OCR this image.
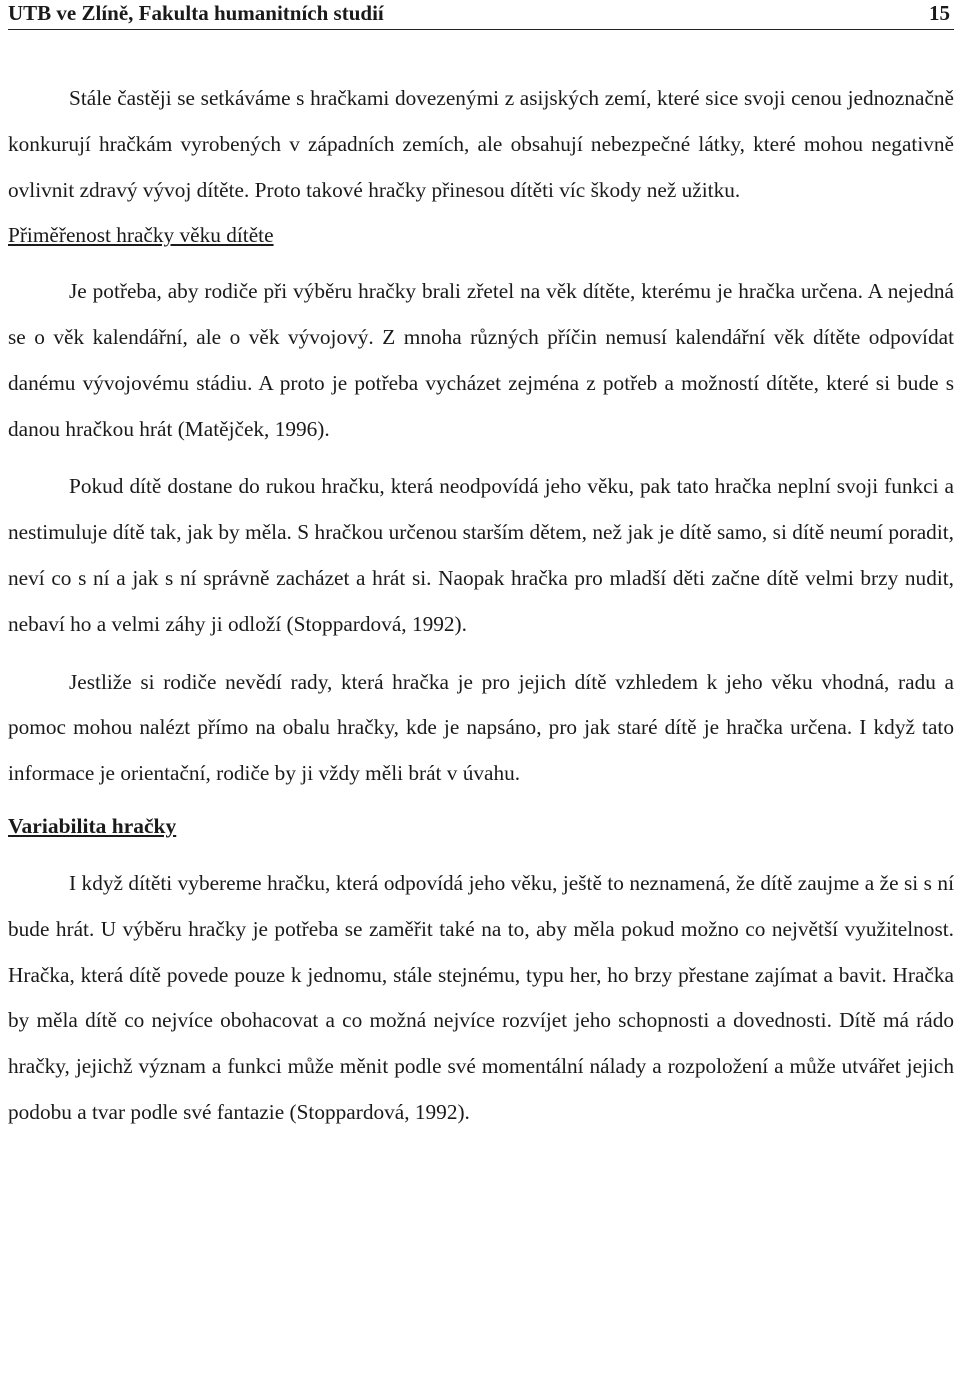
UTB ve Zlíně, Fakulta humanitních studií	15

Stále častěji se setkáváme s hračkami dovezenými z asijských zemí, které sice svoji cenou jednoznačně konkurují hračkám vyrobených v západních zemích, ale obsahují nebezpečné látky, které mohou negativně ovlivnit zdravý vývoj dítěte. Proto takové hračky přinesou dítěti víc škody než užitku.

Přiměřenost hračky věku dítěte

Je potřeba, aby rodiče při výběru hračky brali zřetel na věk dítěte, kterému je hračka určena. A nejedná se o věk kalendářní, ale o věk vývojový. Z mnoha různých příčin nemusí kalendářní věk dítěte odpovídat danému vývojovému stádiu. A proto je potřeba vycházet zejména z potřeb a možností dítěte, které si bude s danou hračkou hrát (Matějček, 1996).

Pokud dítě dostane do rukou hračku, která neodpovídá jeho věku, pak tato hračka neplní svoji funkci a nestimuluje dítě tak, jak by měla. S hračkou určenou starším dětem, než jak je dítě samo, si dítě neumí poradit, neví co s ní a jak s ní správně zacházet a hrát si. Naopak hračka pro mladší děti začne dítě velmi brzy nudit, nebaví ho a velmi záhy ji odloží (Stoppardová, 1992).

Jestliže si rodiče nevědí rady, která hračka je pro jejich dítě vzhledem k jeho věku vhodná, radu a pomoc mohou nalézt přímo na obalu hračky, kde je napsáno, pro jak staré dítě je hračka určena. I když tato informace je orientační, rodiče by ji vždy měli brát v úvahu.

Variabilita hračky

I když dítěti vybereme hračku, která odpovídá jeho věku, ještě to neznamená, že dítě zaujme a že si s ní bude hrát. U výběru hračky je potřeba se zaměřit také na to, aby měla pokud možno co největší využitelnost. Hračka, která dítě povede pouze k jednomu, stále stejnému, typu her, ho brzy přestane zajímat a bavit. Hračka by měla dítě co nejvíce obohacovat a co možná nejvíce rozvíjet jeho schopnosti a dovednosti. Dítě má rádo hračky, jejichž význam a funkci může měnit podle své momentální nálady a rozpoložení a může utvářet jejich podobu a tvar podle své fantazie (Stoppardová, 1992).
